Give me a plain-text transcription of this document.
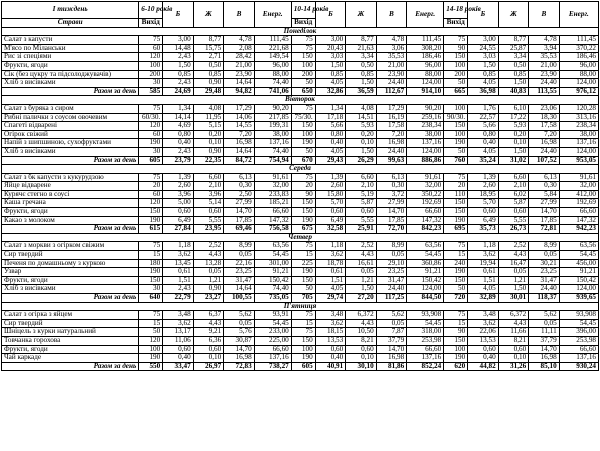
I тиждень	6-10 років	Б	Ж	В	Енерг.	10-14 років	Б	Ж	В	Енерг.	14-18 років	Б	Ж	В	Енерг.
Страви	Вихід					Вихід					Вихід				
Понеділок															
Салат з капусти	75	3,00	8,77	4,78	111,45	75	3,00	8,77	4,78	111,45	75	3,00	8,77	4,78	111,45
М'ясо по Міланськи	60	14,48	15,75	2,08	221,68	75	20,43	21,63	3,06	308,20	90	24,55	25,87	3,94	370,22
Рис зі спеціями	120	2,43	2,71	28,42	149,54	150	3,03	3,34	35,53	186,46	150	3,03	3,34	35,53	186,46
Фрукти, ягоди	100	1,50	0,50	21,00	96,00	100	1,50	0,50	21,00	96,00	100	1,50	0,50	21,00	96,00
Сік (без цукру та підсолоджувачів)	200	0,85	0,85	23,90	88,00	200	0,85	0,85	23,90	88,00	200	0,85	0,85	23,90	88,00
Хліб з висівками	30	2,43	0,90	14,64	74,40	50	4,05	1,50	24,40	124,00	50	4,05	1,50	24,40	124,00
Разом за день	585	24,69	29,48	94,82	741,06	650	32,86	36,59	112,67	914,10	665	36,98	40,83	113,55	976,12
Вівторок															
Салат з буряка з сиром	75	1,34	4,08	17,29	90,20	75	1,34	4,08	17,29	90,20	100	1,76	6,10	23,06	120,28
Рибні палички з соусом овочевим	60/30.	14,14	11,95	14,06	217,85	75/30.	17,18	14,51	16,19	259,16	90/30.	22,57	17,22	18,30	313,16
Спагеті відварені	120	4,69	5,15	14,55	199,31	150	5,66	5,93	17,58	238,34	150	5,66	5,93	17,58	238,34
Огірок свіжий	60	0,80	0,20	7,20	38,00	100	0,80	0,20	7,20	38,00	100	0,80	0,20	7,20	38,00
Напій з шипшиною, сухофруктами	190	0,40	0,10	16,98	137,16	190	0,40	0,10	16,98	137,16	190	0,40	0,10	16,98	137,16
Хліб з висівками	30	2,43	0,90	14,64	74,40	50	4,05	1,50	24,40	124,00	50	4,05	1,50	24,40	124,00
Разом за день	605	23,79	22,35	84,72	754,94	670	29,43	26,29	99,63	886,86	760	35,24	31,02	107,52	953,05
Середа															
Салат з бк капусти з кукурудзою	75	1,39	6,60	6,13	91,61	75	1,39	6,60	6,13	91,61	75	1,39	6,60	6,13	91,61
Яйце відварене	20	2,60	2,10	0,30	32,00	20	2,60	2,10	0,30	32,00	20	2,60	2,10	0,30	32,00
Курячє стегно в соусі	60	3,96	3,96	2,50	233,83	90	15,80	5,19	3,72	350,22	110	18,95	6,02	5,84	412,00
Каша гречана	120	5,00	5,14	27,99	185,21	150	5,70	5,87	27,99	192,69	150	5,70	5,87	27,99	192,69
Фрукти, ягоди	150	0,60	0,60	14,70	66,60	150	0,60	0,60	14,70	66,60	150	0,60	0,60	14,70	66,60
Какао з молоком	190	6,49	5,55	17,85	147,32	190	6,49	5,55	17,85	147,32	190	6,49	5,55	17,85	147,32
Разом за день	615	27,84	23,95	69,46	756,58	675	32,58	25,91	72,70	842,23	695	35,73	26,73	72,81	942,23
Четвер															
Салат з моркви з огірком свіжим	75	1,18	2,52	8,99	63,56	75	1,18	2,52	8,99	63,56	75	1,18	2,52	8,99	63,56
Сир твердий	15	3,62	4,43	0,05	54,45	15	3,62	4,43	0,05	54,45	15	3,62	4,43	0,05	54,45
Печеня по домашньому з куркою	180	13,45	13,28	22,16	301,00	225	18,78	16,61	29,10	360,86	240	19,94	16,47	30,21	456,00
Узвар	190	0,61	0,05	23,25	91,21	190	0,61	0,05	23,25	91,21	190	0,61	0,05	23,25	91,21
Фрукти, ягоди	150	1,51	1,21	31,47	150,42	150	1,51	1,21	31,47	150,42	150	1,51	1,21	31,47	150,42
Хліб з висівками	30	2,43	0,90	14,64	74,40	50	4,05	1,50	24,40	124,00	50	4,05	1,50	24,40	124,00
Разом за день	640	22,79	23,27	100,55	735,05	705	29,74	27,20	117,25	844,50	720	32,89	30,01	118,37	939,65
П'ятниця															
Салат з огірка з яйцем	75	3,48	6,37	5,62	93,91	75	3,48	6,372	5,62	93,908	75	3,48	6,372	5,62	93,908
Сир твердий	15	3,62	4,43	0,05	54,45	15	3,62	4,43	0,05	54,45	15	3,62	4,43	0,05	54,45
Шніцель з курки натуральний	50	13,17	9,21	5,76	233,00	75	18,15	10,50	7,87	318,00	90	22,06	11,66	11,11	396,00
Товчанка горохова	120	11,06	6,36	30,87	225,00	150	13,53	8,21	37,79	253,98	150	13,53	8,21	37,79	253,98
Фрукти, ягоди	100	0,60	0,60	14,70	66,60	100	0,60	0,60	14,70	66,60	100	0,60	0,60	14,70	66,60
Чай каркаде	190	0,40	0,10	16,98	137,16	190	0,40	0,10	16,98	137,16	190	0,40	0,10	16,98	137,16
Разом за день	550	33,47	26,97	72,83	738,27	605	40,91	30,10	81,86	852,24	620	44,82	31,26	85,10	930,24
